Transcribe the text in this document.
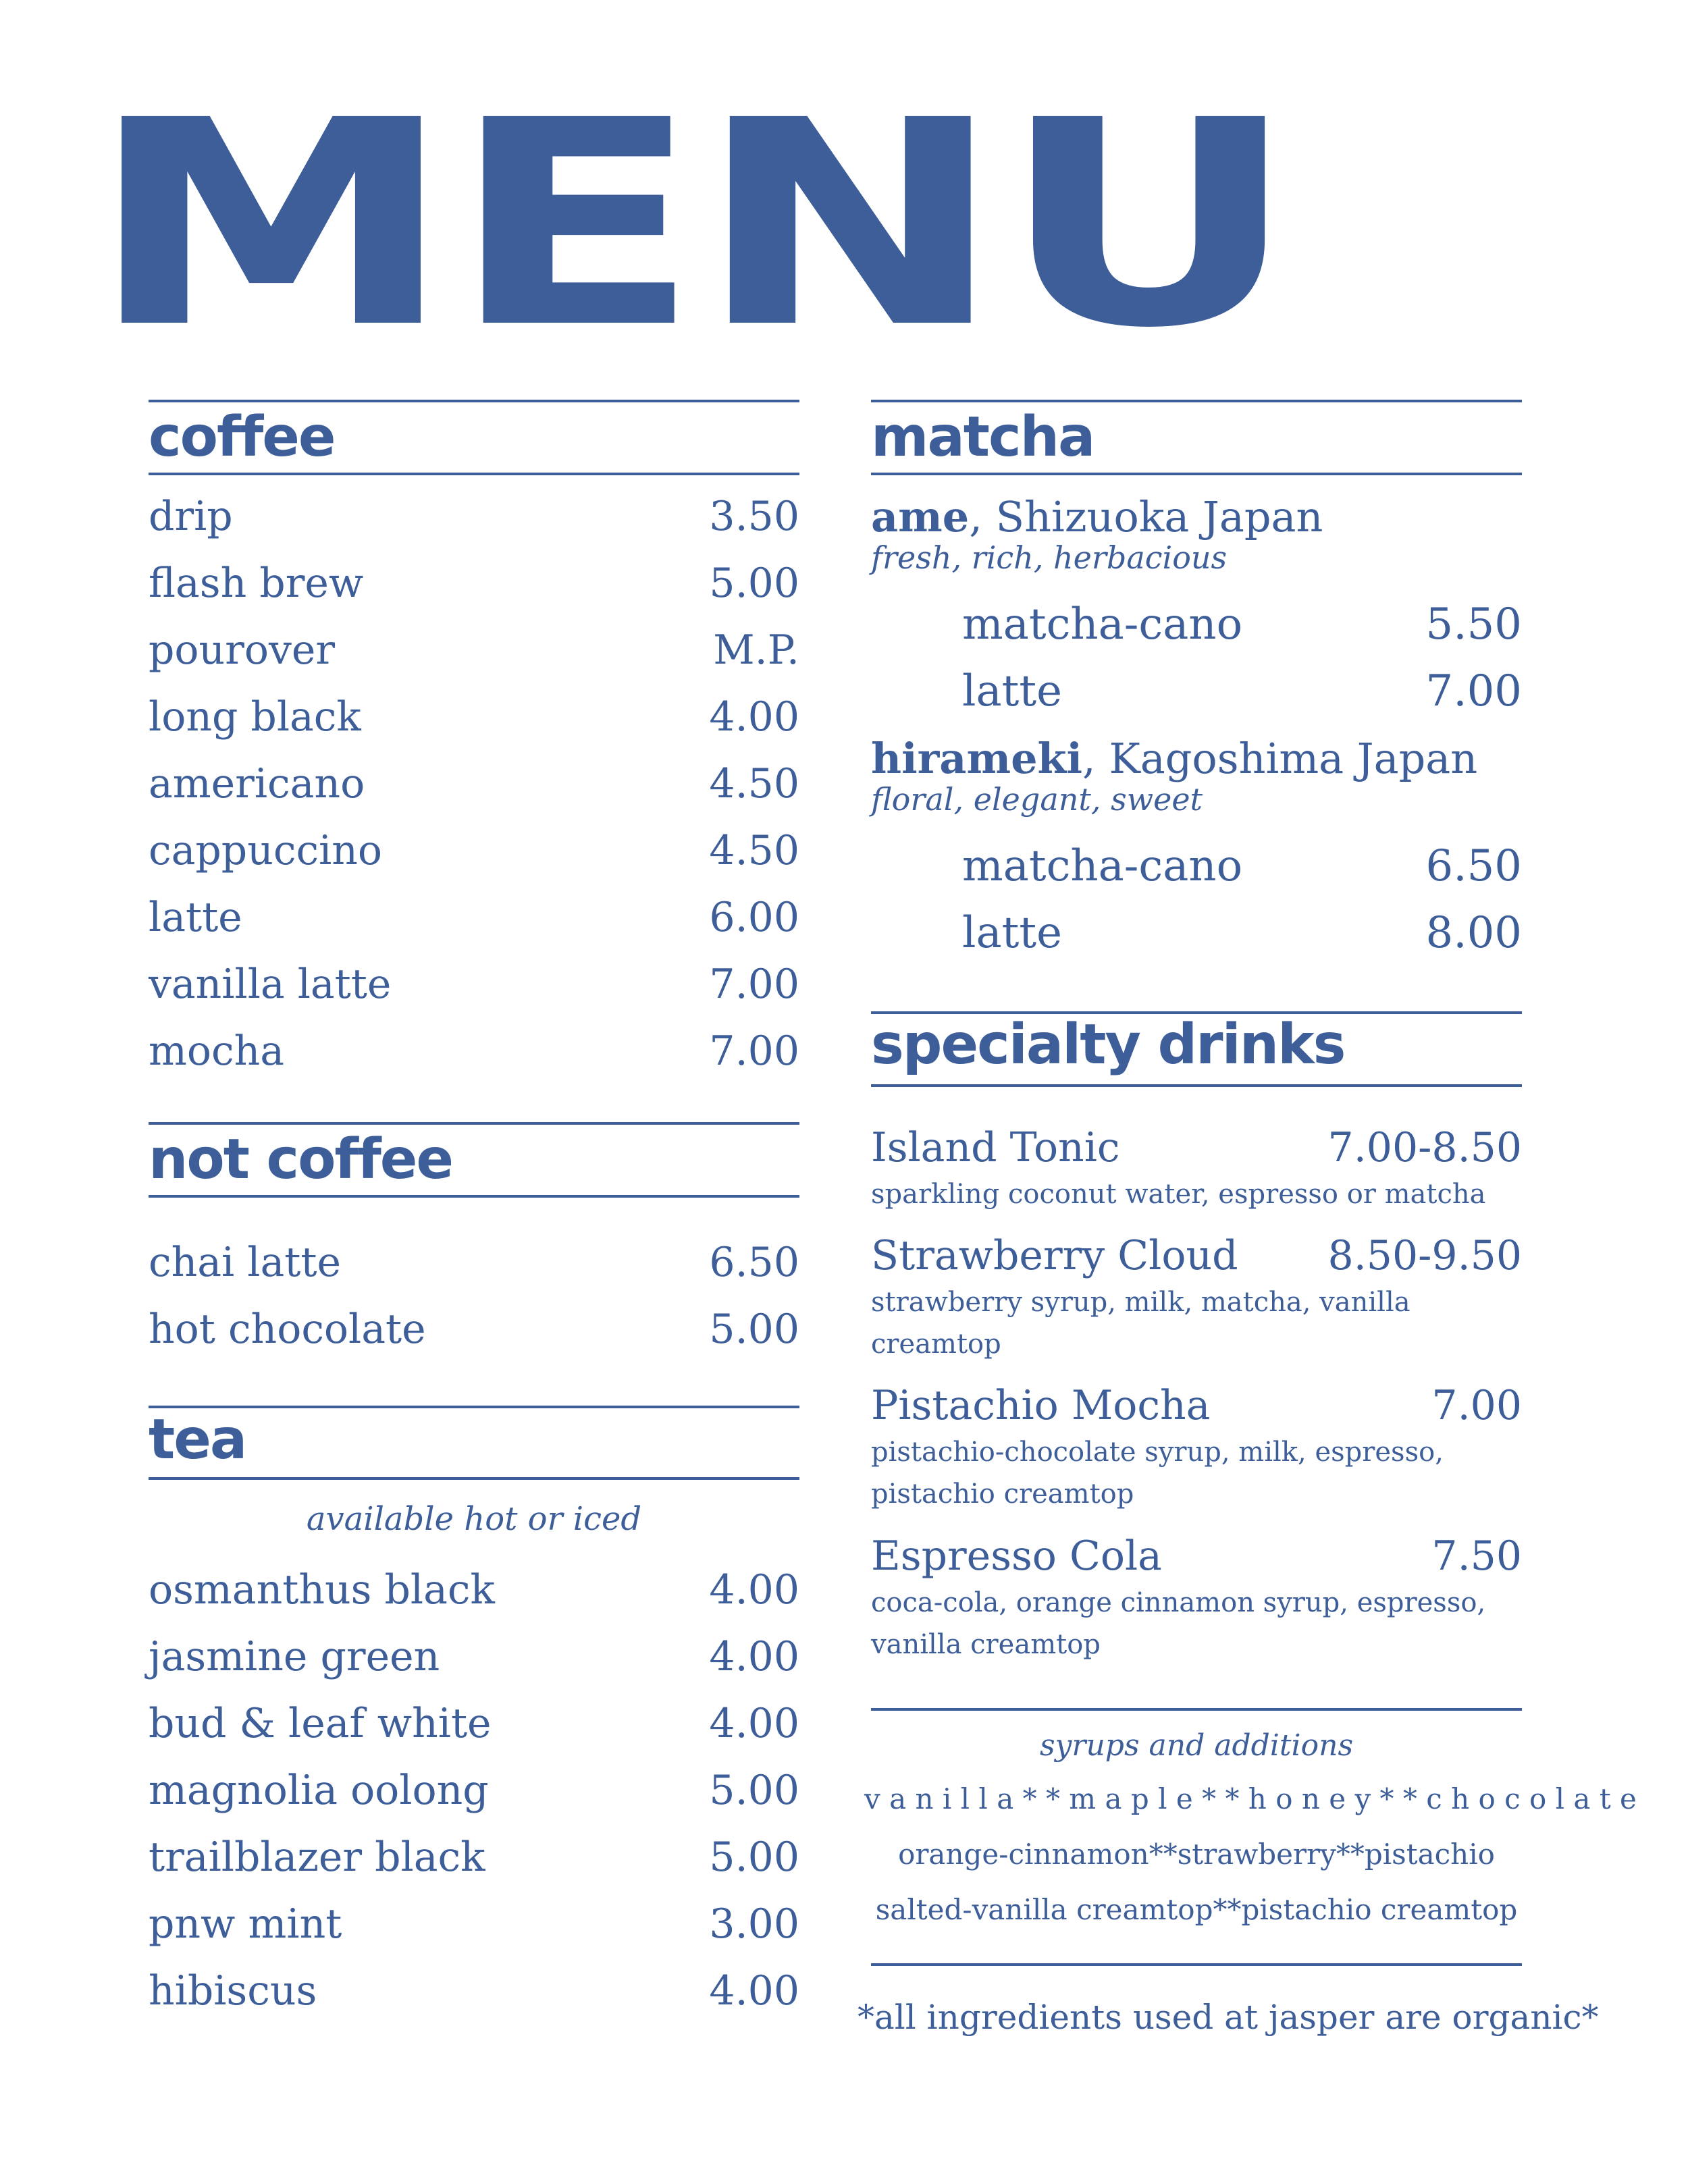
MENU
coffee
drip	3.50
flash brew	5.00
pourover	M.P.
long black	4.00
americano	4.50
cappuccino	4.50
latte	6.00
vanilla latte	7.00
mocha	7.00
not coffee
chai latte	6.50
hot chocolate	5.00
tea
available hot or iced
osmanthus black	4.00
jasmine green	4.00
bud & leaf white	4.00
magnolia oolong	5.00
trailblazer black	5.00
pnw mint	3.00
hibiscus	4.00
matcha
ame, Shizuoka Japan
fresh, rich, herbacious
matcha-cano	5.50
latte	7.00
hirameki, Kagoshima Japan
floral, elegant, sweet
matcha-cano	6.50
latte	8.00
specialty drinks
Island Tonic	7.00-8.50
sparkling coconut water, espresso or matcha
Strawberry Cloud 8.50-9.50
strawberry syrup, milk, matcha, vanilla creamtop
Pistachio Mocha	7.00
pistachio-chocolate syrup, milk, espresso, pistachio creamtop
Espresso Cola	7.50
coca-cola, orange cinnamon syrup, espresso, vanilla creamtop
syrups and additions
v a n i l l a * * m a p l e * * h o n e y * * c h o c o l a t e
orange-cinnamon**strawberry**pistachio
salted-vanilla creamtop**pistachio creamtop
*all ingredients used at jasper are organic*
